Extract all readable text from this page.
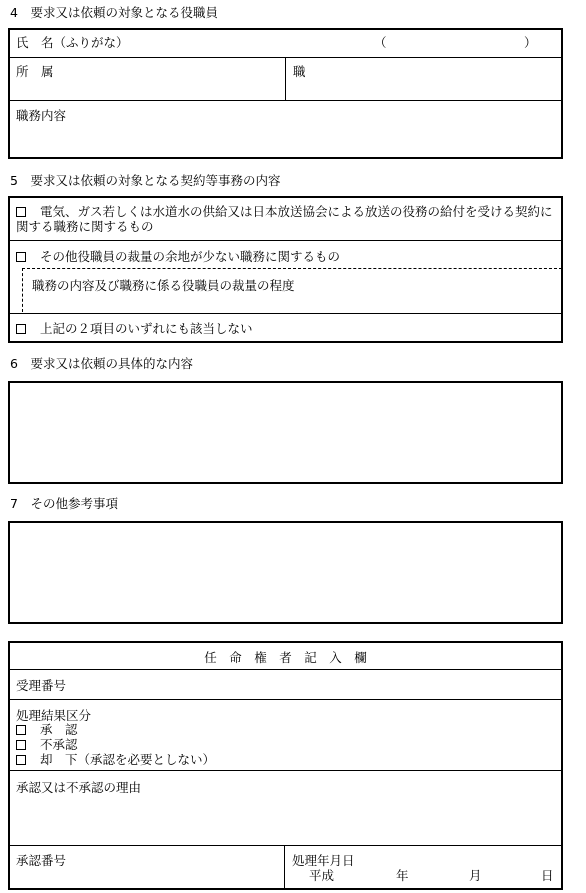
4　要求又は依頼の対象となる役職員
氏　名（ふりがな）	（	）
所　属	職
職務内容
5　要求又は依頼の対象となる契約等事務の内容
電気、ガス若しくは水道水の供給又は日本放送協会による放送の役務の給付を受ける契約に関する職務に関するもの
その他役職員の裁量の余地が少ない職務に関するもの
職務の内容及び職務に係る役職員の裁量の程度
上記の２項目のいずれにも該当しない
6　要求又は依頼の具体的な内容
7　その他参考事項
任　命　権　者　記　入　欄
受理番号
処理結果区分
承　認
不承認
却　下（承認を必要としない）
承認又は不承認の理由
承認番号	処理年月日
平成	年	月	日
